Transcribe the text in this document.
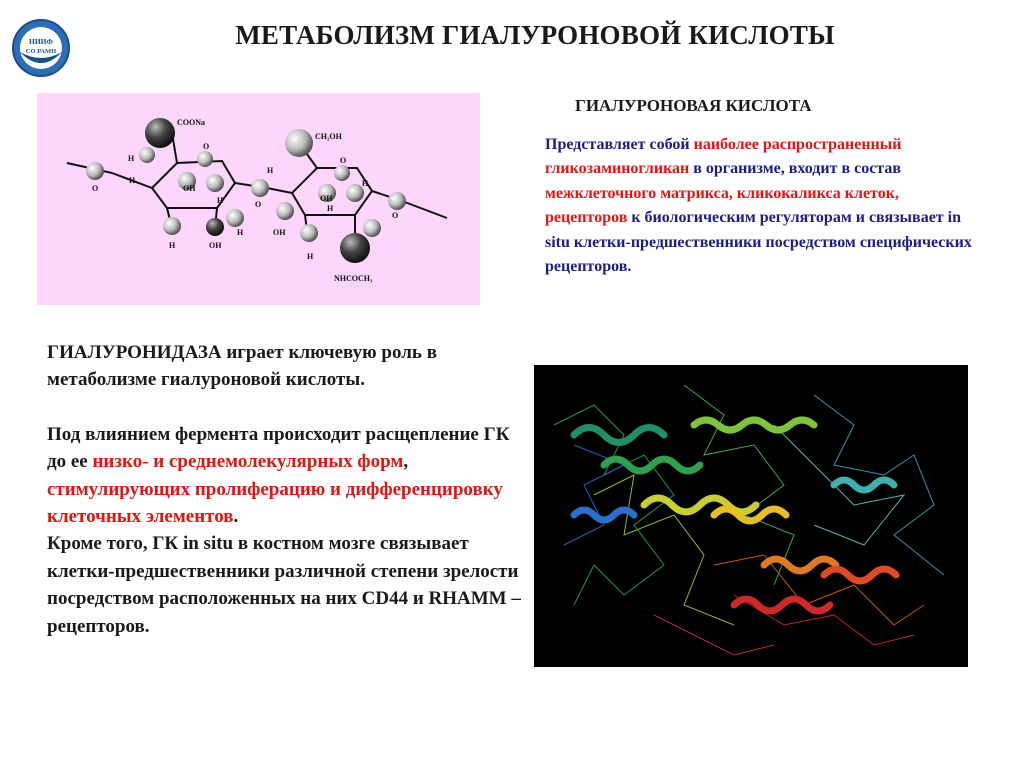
НИИФ
СО РАМН
МЕТАБОЛИЗМ ГИАЛУРОНОВОЙ КИСЛОТЫ
COONa
CH₂OH
NHCOCH₃
O
O
O
O
O
H
H
H
H
H
H
H
H
H
OH
OH
OH
OH
ГИАЛУРОНОВАЯ КИСЛОТА
Представляет собой наиболее распространенный гликозаминогликан в организме, входит в состав межклеточного матрикса, кликокаликса клеток, рецепторов к биологическим регуляторам и связывает in situ клетки-предшественники посредством специфических рецепторов.

ГИАЛУРОНИДАЗА играет ключевую роль в метаболизме гиалуроновой кислоты.

Под влиянием фермента происходит расщепление ГК до ее низко- и среднемолекулярных форм, стимулирующих пролиферацию и дифференцировку клеточных элементов.

Кроме того, ГК in situ в костном мозге связывает клетки-предшественники различной степени зрелости посредством расположенных на них CD44 и RHAMM – рецепторов.
